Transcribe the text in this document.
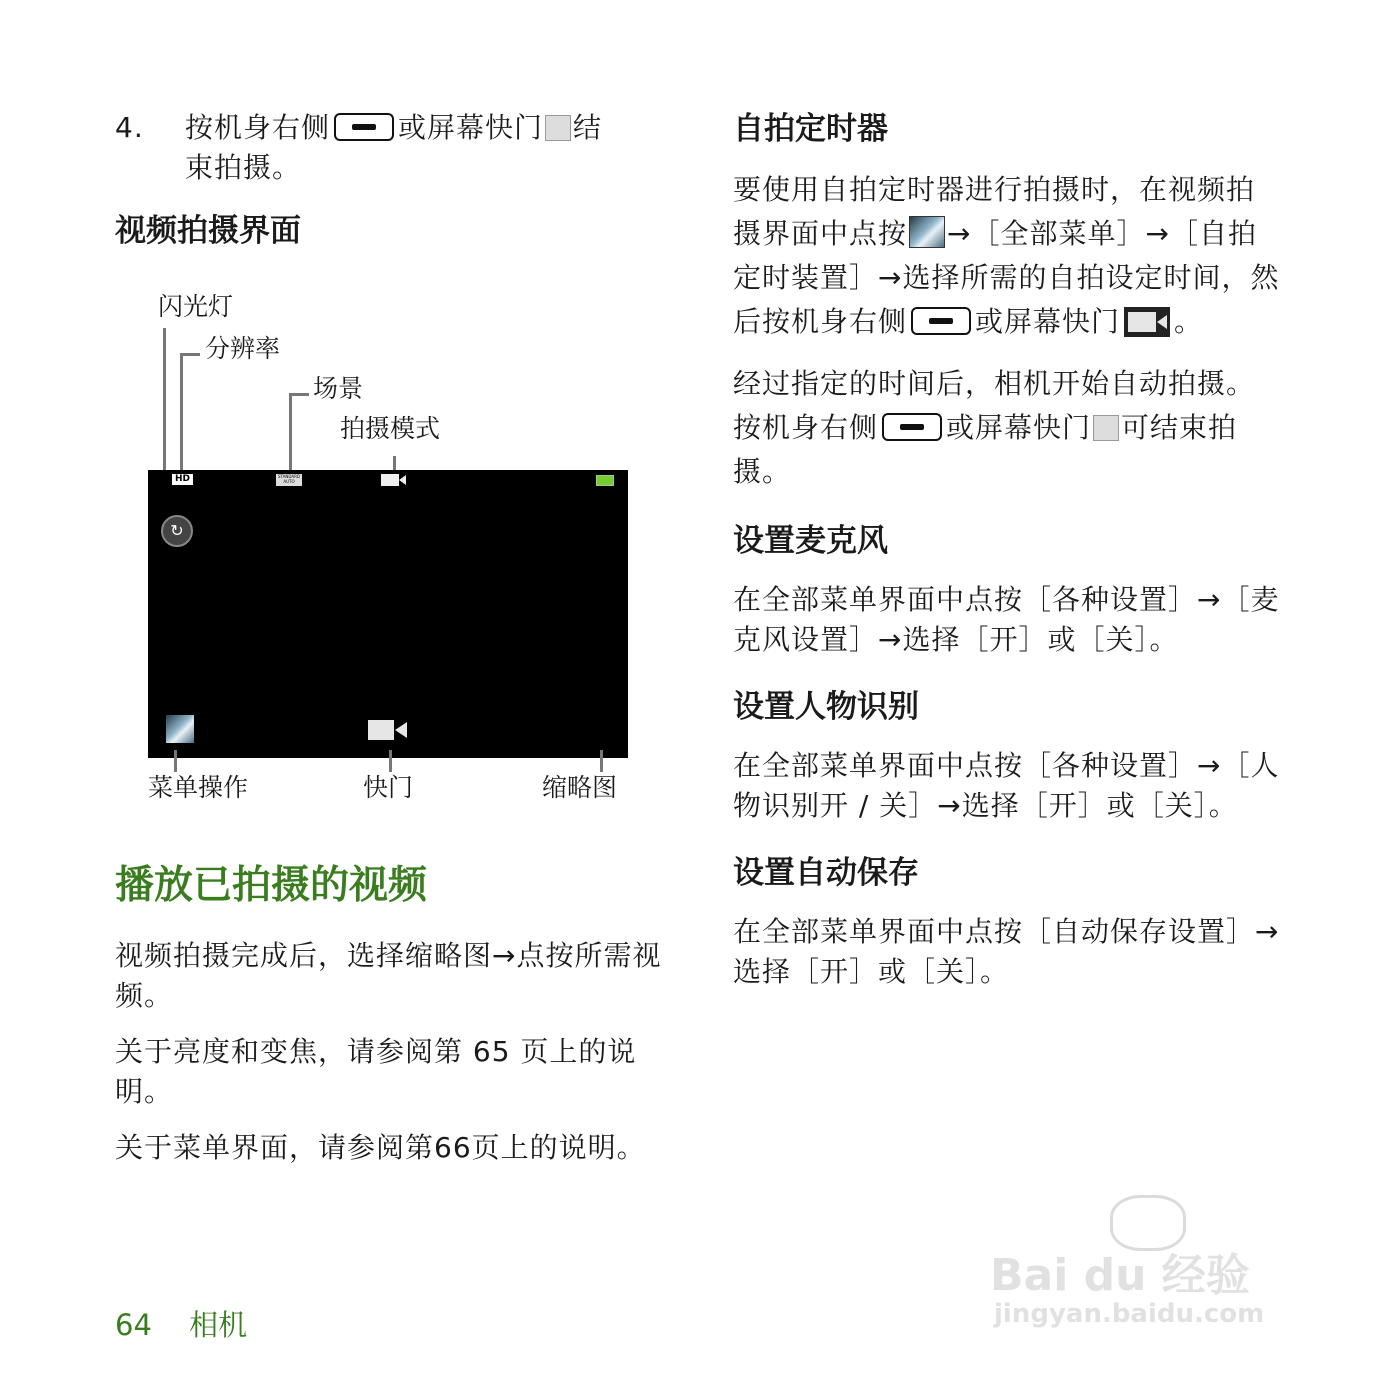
4. 按机身右侧 或屏幕快门 结
束拍摄。

视频拍摄界面
闪光灯
分辨率
场景
拍摄模式
HD	STANDARD
AUTO
↻
菜单操作	快门	缩略图
播放已拍摄的视频

视频拍摄完成后，选择缩略图→点按所需视频。

关于亮度和变焦，请参阅第 65 页上的说明。

关于菜单界面，请参阅第66页上的说明。

自拍定时器

要使用自拍定时器进行拍摄时，在视频拍摄界面中点按 →［全部菜单］→［自拍定时装置］→选择所需的自拍设定时间，然后按机身右侧 或屏幕快门 。

经过指定的时间后，相机开始自动拍摄。按机身右侧 或屏幕快门 可结束拍摄。

设置麦克风

在全部菜单界面中点按［各种设置］→［麦克风设置］→选择［开］或［关］。

设置人物识别

在全部菜单界面中点按［各种设置］→［人物识别开 / 关］→选择［开］或［关］。

设置自动保存

在全部菜单界面中点按［自动保存设置］→选择［开］或［关］。

64 相机
Bai du 经验
jingyan.baidu.com
